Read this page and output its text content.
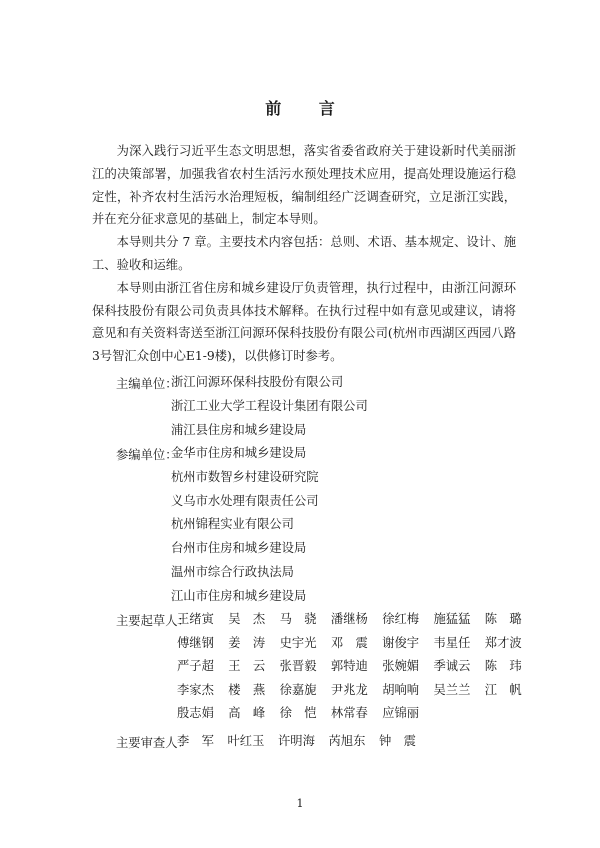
前 言

为深入践行习近平生态文明思想，落实省委省政府关于建设新时代美丽浙江的决策部署，加强我省农村生活污水预处理技术应用，提高处理设施运行稳定性，补齐农村生活污水治理短板，编制组经广泛调查研究，立足浙江实践，并在充分征求意见的基础上，制定本导则。

本导则共分 7 章。主要技术内容包括：总则、术语、基本规定、设计、施工、验收和运维。

本导则由浙江省住房和城乡建设厅负责管理，执行过程中，由浙江问源环保科技股份有限公司负责具体技术解释。在执行过程中如有意见或建议，请将意见和有关资料寄送至浙江问源环保科技股份有限公司(杭州市西湖区西园八路3号智汇众创中心E1-9楼)，以供修订时参考。

主编单位：
浙江问源环保科技股份有限公司
浙江工业大学工程设计集团有限公司
浦江县住房和城乡建设局
参编单位：
金华市住房和城乡建设局
杭州市数智乡村建设研究院
义乌市水处理有限责任公司
杭州锦程实业有限公司
台州市住房和城乡建设局
温州市综合行政执法局
江山市住房和城乡建设局
主要起草人：
王绪寅	吴　杰	马　骁	潘继杨	徐红梅	施猛猛	陈　璐
傅继钢	姜　涛	史宇光	邓　震	谢俊宇	韦星任	郑才波
严子超	王　云	张晋毅	郭特迪	张婉媚	季诚云	陈　玮
李家杰	楼　燕	徐嘉旎	尹兆龙	胡响响	吴兰兰	江　帆
殷志娟	高　峰	徐　恺	林常春	应锦丽
主要审查人：
李　军	叶红玉	许明海	芮旭东	钟　震
1
